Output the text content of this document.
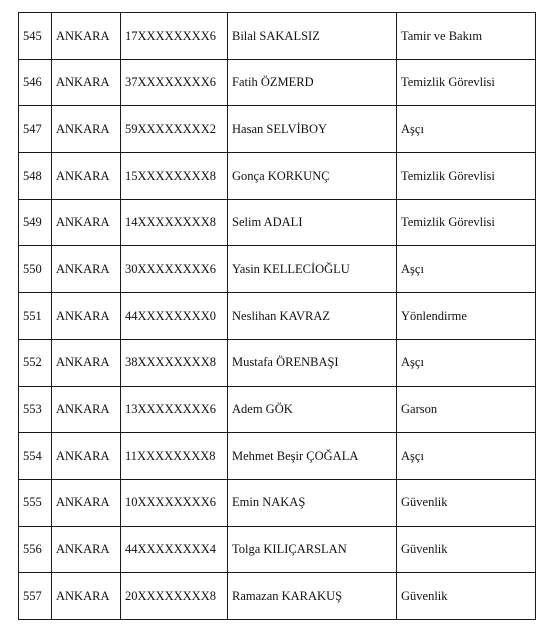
545	ANKARA	17XXXXXXXX6	Bilal SAKALSIZ	Tamir ve Bakım
546	ANKARA	37XXXXXXXX6	Fatih ÖZMERD	Temizlik Görevlisi
547	ANKARA	59XXXXXXXX2	Hasan SELVİBOY	Aşçı
548	ANKARA	15XXXXXXXX8	Gonça KORKUNÇ	Temizlik Görevlisi
549	ANKARA	14XXXXXXXX8	Selim ADALI	Temizlik Görevlisi
550	ANKARA	30XXXXXXXX6	Yasin KELLECİOĞLU	Aşçı
551	ANKARA	44XXXXXXXX0	Neslihan KAVRAZ	Yönlendirme
552	ANKARA	38XXXXXXXX8	Mustafa ÖRENBAŞI	Aşçı
553	ANKARA	13XXXXXXXX6	Adem GÖK	Garson
554	ANKARA	11XXXXXXXX8	Mehmet Beşir ÇOĞALA	Aşçı
555	ANKARA	10XXXXXXXX6	Emin NAKAŞ	Güvenlik
556	ANKARA	44XXXXXXXX4	Tolga KILIÇARSLAN	Güvenlik
557	ANKARA	20XXXXXXXX8	Ramazan KARAKUŞ	Güvenlik
